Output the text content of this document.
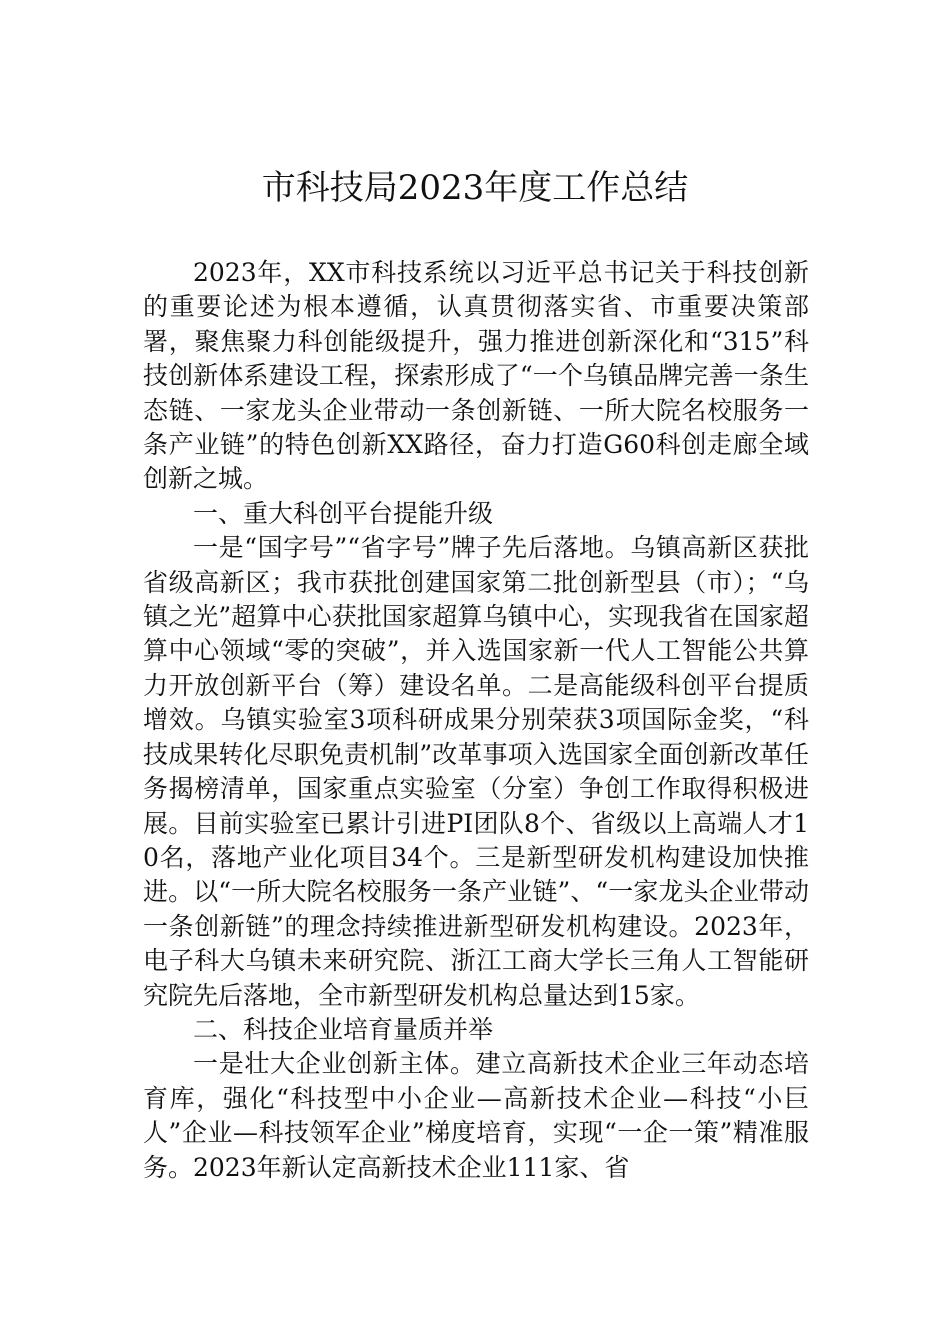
市科技局2023年度工作总结

2023年，XX市科技系统以习近平总书记关于科技创新的重要论述为根本遵循，认真贯彻落实省、市重要决策部署，聚焦聚力科创能级提升，强力推进创新深化和“315”科技创新体系建设工程，探索形成了“一个乌镇品牌完善一条生态链、一家龙头企业带动一条创新链、一所大院名校服务一条产业链”的特色创新XX路径，奋力打造G60科创走廊全域创新之城。

一、重大科创平台提能升级

一是“国字号”“省字号”牌子先后落地。乌镇高新区获批省级高新区；我市获批创建国家第二批创新型县（市）；“乌镇之光”超算中心获批国家超算乌镇中心，实现我省在国家超算中心领域“零的突破”，并入选国家新一代人工智能公共算力开放创新平台（筹）建设名单。二是高能级科创平台提质增效。乌镇实验室3项科研成果分别荣获3项国际金奖，“科技成果转化尽职免责机制”改革事项入选国家全面创新改革任务揭榜清单，国家重点实验室（分室）争创工作取得积极进展。目前实验室已累计引进PI团队8个、省级以上高端人才10名，落地产业化项目34个。三是新型研发机构建设加快推进。以“一所大院名校服务一条产业链”、“一家龙头企业带动一条创新链”的理念持续推进新型研发机构建设。2023年，电子科大乌镇未来研究院、浙江工商大学长三角人工智能研究院先后落地，全市新型研发机构总量达到15家。

二、科技企业培育量质并举

一是壮大企业创新主体。建立高新技术企业三年动态培育库，强化“科技型中小企业—高新技术企业—科技“小巨人”企业—科技领军企业”梯度培育，实现“一企一策”精准服务。2023年新认定高新技术企业111家、省
